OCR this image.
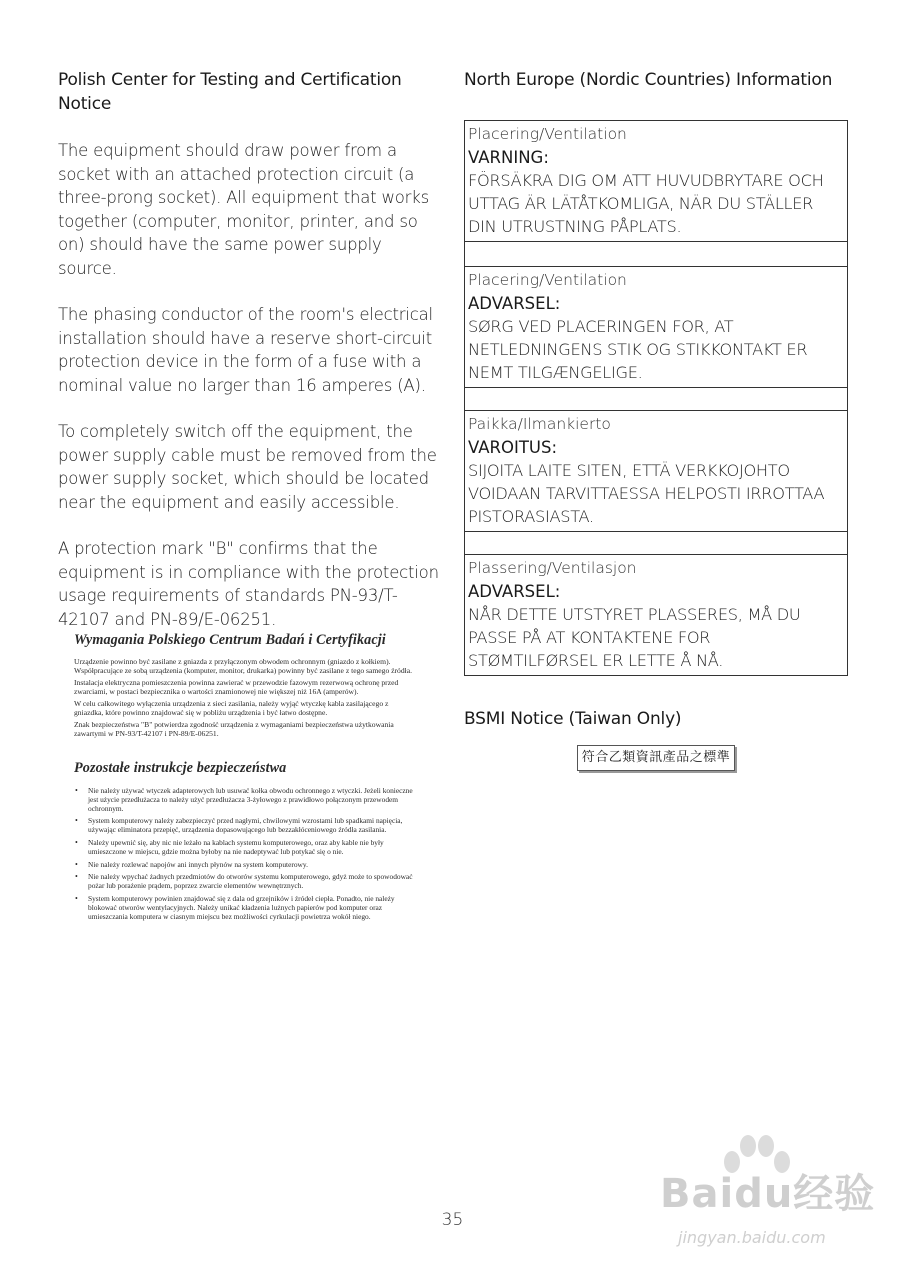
Polish Center for Testing and Certification Notice

The equipment should draw power from a socket with an attached protection circuit (a three-prong socket). All equipment that works together (computer, monitor, printer, and so on) should have the same power supply source.

The phasing conductor of the room's electrical installation should have a reserve short-circuit protection device in the form of a fuse with a nominal value no larger than 16 amperes (A).

To completely switch off the equipment, the power supply cable must be removed from the power supply socket, which should be located near the equipment and easily accessible.

A protection mark "B" confirms that the equipment is in compliance with the protection usage requirements of standards PN-93/T-42107 and PN-89/E-06251.

Wymagania Polskiego Centrum Badań i Certyfikacji

Urządzenie powinno być zasilane z gniazda z przyłączonym obwodem ochronnym (gniazdo z kołkiem). Współpracujące ze sobą urządzenia (komputer, monitor, drukarka) powinny być zasilane z tego samego źródła.

Instalacja elektryczna pomieszczenia powinna zawierać w przewodzie fazowym rezerwową ochronę przed zwarciami, w postaci bezpiecznika o wartości znamionowej nie większej niż 16A (amperów).

W celu całkowitego wyłączenia urządzenia z sieci zasilania, należy wyjąć wtyczkę kabla zasilającego z gniazdka, które powinno znajdować się w pobliżu urządzenia i być łatwo dostępne.

Znak bezpieczeństwa "B" potwierdza zgodność urządzenia z wymaganiami bezpieczeństwa użytkowania zawartymi w PN-93/T-42107 i PN-89/E-06251.

Pozostałe instrukcje bezpieczeństwa
• Nie należy używać wtyczek adapterowych lub usuwać kołka obwodu ochronnego z wtyczki. Jeżeli konieczne jest użycie przedłużacza to należy użyć przedłużacza 3-żyłowego z prawidłowo połączonym przewodem ochronnym.
• System komputerowy należy zabezpieczyć przed nagłymi, chwilowymi wzrostami lub spadkami napięcia, używając eliminatora przepięć, urządzenia dopasowującego lub bezzakłóceniowego źródła zasilania.
• Należy upewnić się, aby nic nie leżało na kablach systemu komputerowego, oraz aby kable nie były umieszczone w miejscu, gdzie można byłoby na nie nadeptywać lub potykać się o nie.
• Nie należy rozlewać napojów ani innych płynów na system komputerowy.
• Nie należy wpychać żadnych przedmiotów do otworów systemu komputerowego, gdyż może to spowodować pożar lub porażenie prądem, poprzez zwarcie elementów wewnętrznych.
• System komputerowy powinien znajdować się z dala od grzejników i źródeł ciepła. Ponadto, nie należy blokować otworów wentylacyjnych. Należy unikać kładzenia lużnych papierów pod komputer oraz umieszczania komputera w ciasnym miejscu bez możliwości cyrkulacji powietrza wokół niego.
North Europe (Nordic Countries) Information
Placering/Ventilation
VARNING:
FÖRSÄKRA DIG OM ATT HUVUDBRYTARE OCH UTTAG ÄR LÄTÅTKOMLIGA, NÄR DU STÄLLER DIN UTRUSTNING PÅPLATS.
Placering/Ventilation
ADVARSEL:
SØRG VED PLACERINGEN FOR, AT NETLEDNINGENS STIK OG STIKKONTAKT ER NEMT TILGÆNGELIGE.
Paikka/Ilmankierto
VAROITUS:
SIJOITA LAITE SITEN, ETTÄ VERKKOJOHTO VOIDAAN TARVITTAESSA HELPOSTI IRROTTAA PISTORASIASTA.
Plassering/Ventilasjon
ADVARSEL:
NÅR DETTE UTSTYRET PLASSERES, MÅ DU PASSE PÅ AT KONTAKTENE FOR STØMTILFØRSEL ER LETTE Å NÅ.
BSMI Notice (Taiwan Only)
符合乙類資訊產品之標準
35
Baidu经验
jingyan.baidu.com
